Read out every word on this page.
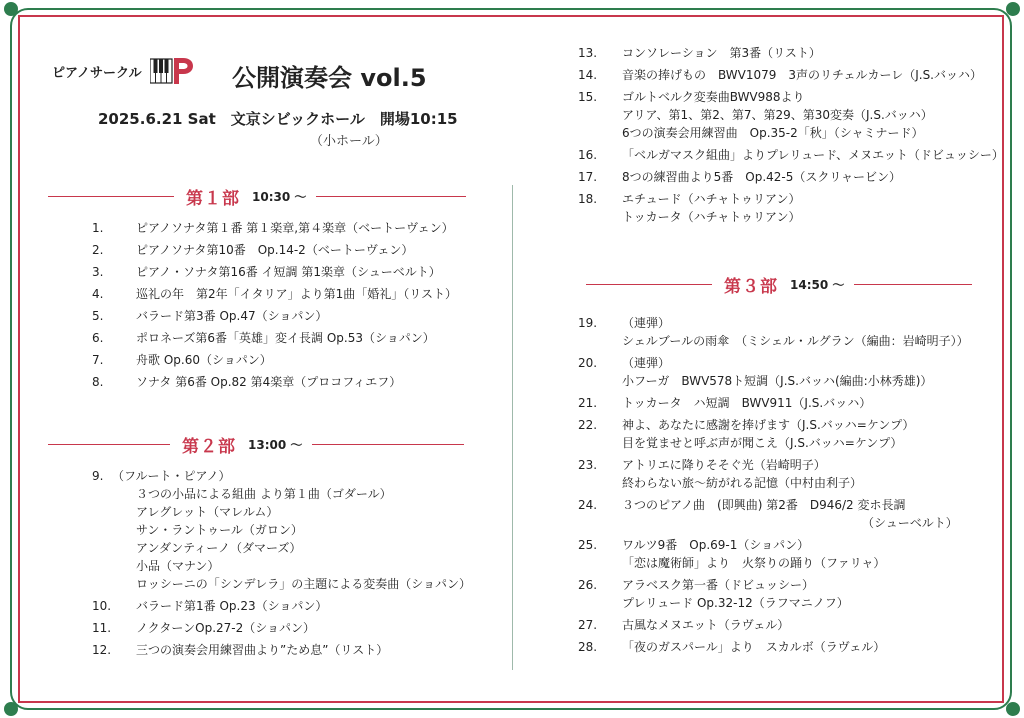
ピアノサークル	公開演奏会 vol.5
2025.6.21 Sat　文京シビックホール　開場10:15
（小ホール）
第１部 10:30 〜
第２部 13:00 〜
第３部 14:50 〜
1.	ピアノソナタ第１番 第１楽章,第４楽章（ベートーヴェン）
2.	ピアノソナタ第10番　Op.14-2（ベートーヴェン）
3.	ピアノ・ソナタ第16番 イ短調 第1楽章（シューベルト）
4.	巡礼の年　第2年「イタリア」より第1曲「婚礼」（リスト）
5.	バラード第3番 Op.47（ショパン）
6.	ポロネーズ第6番「英雄」変イ長調 Op.53（ショパン）
7.	舟歌 Op.60（ショパン）
8.	ソナタ 第6番 Op.82 第4楽章（プロコフィエフ）
9. （フルート・ピアノ）
３つの小品による組曲 より第１曲（ゴダール）
アレグレット（マレルム）
サン・ラントゥール（ガロン）
アンダンティーノ（ダマーズ）
小品（マナン）
ロッシーニの「シンデレラ」の主題による変奏曲（ショパン）
10. バラード第1番 Op.23（ショパン）
11. ノクターンOp.27-2（ショパン）
12. 三つの演奏会用練習曲より”ため息”（リスト）
13. コンソレーション　第3番（リスト）
14. 音楽の捧げもの　BWV1079　3声のリチェルカーレ（J.S.バッハ）
15. ゴルトベルク変奏曲BWV988より
アリア、第1、第2、第7、第29、第30変奏（J.S.バッハ）
6つの演奏会用練習曲　Op.35-2「秋」（シャミナード）
16. 「ベルガマスク組曲」よりプレリュード、メヌエット（ドビュッシー）
17. 8つの練習曲より5番　Op.42-5（スクリャービン）
18. エチュード（ハチャトゥリアン）
トッカータ（ハチャトゥリアン）
19. （連弾）
シェルブールの雨傘　（ミシェル・ルグラン（編曲：岩崎明子））
20. （連弾）
小フーガ　BWV578ト短調（J.S.バッハ(編曲:小林秀雄)）
21. トッカータ　ハ短調　BWV911（J.S.バッハ）
22. 神よ、あなたに感謝を捧げます（J.S.バッハ=ケンプ）
目を覚ませと呼ぶ声が聞こえ（J.S.バッハ=ケンプ）
23. アトリエに降りそそぐ光（岩崎明子）
終わらない旅〜紡がれる記憶（中村由利子）
24. ３つのピアノ曲　(即興曲) 第2番　D946/2 変ホ長調
（シューベルト）
25. ワルツ9番　Op.69-1（ショパン）
「恋は魔術師」より　火祭りの踊り（ファリャ）
26. アラベスク第一番（ドビュッシー）
プレリュード Op.32-12（ラフマニノフ）
27. 古風なメヌエット（ラヴェル）
28. 「夜のガスパール」より　スカルボ（ラヴェル）
